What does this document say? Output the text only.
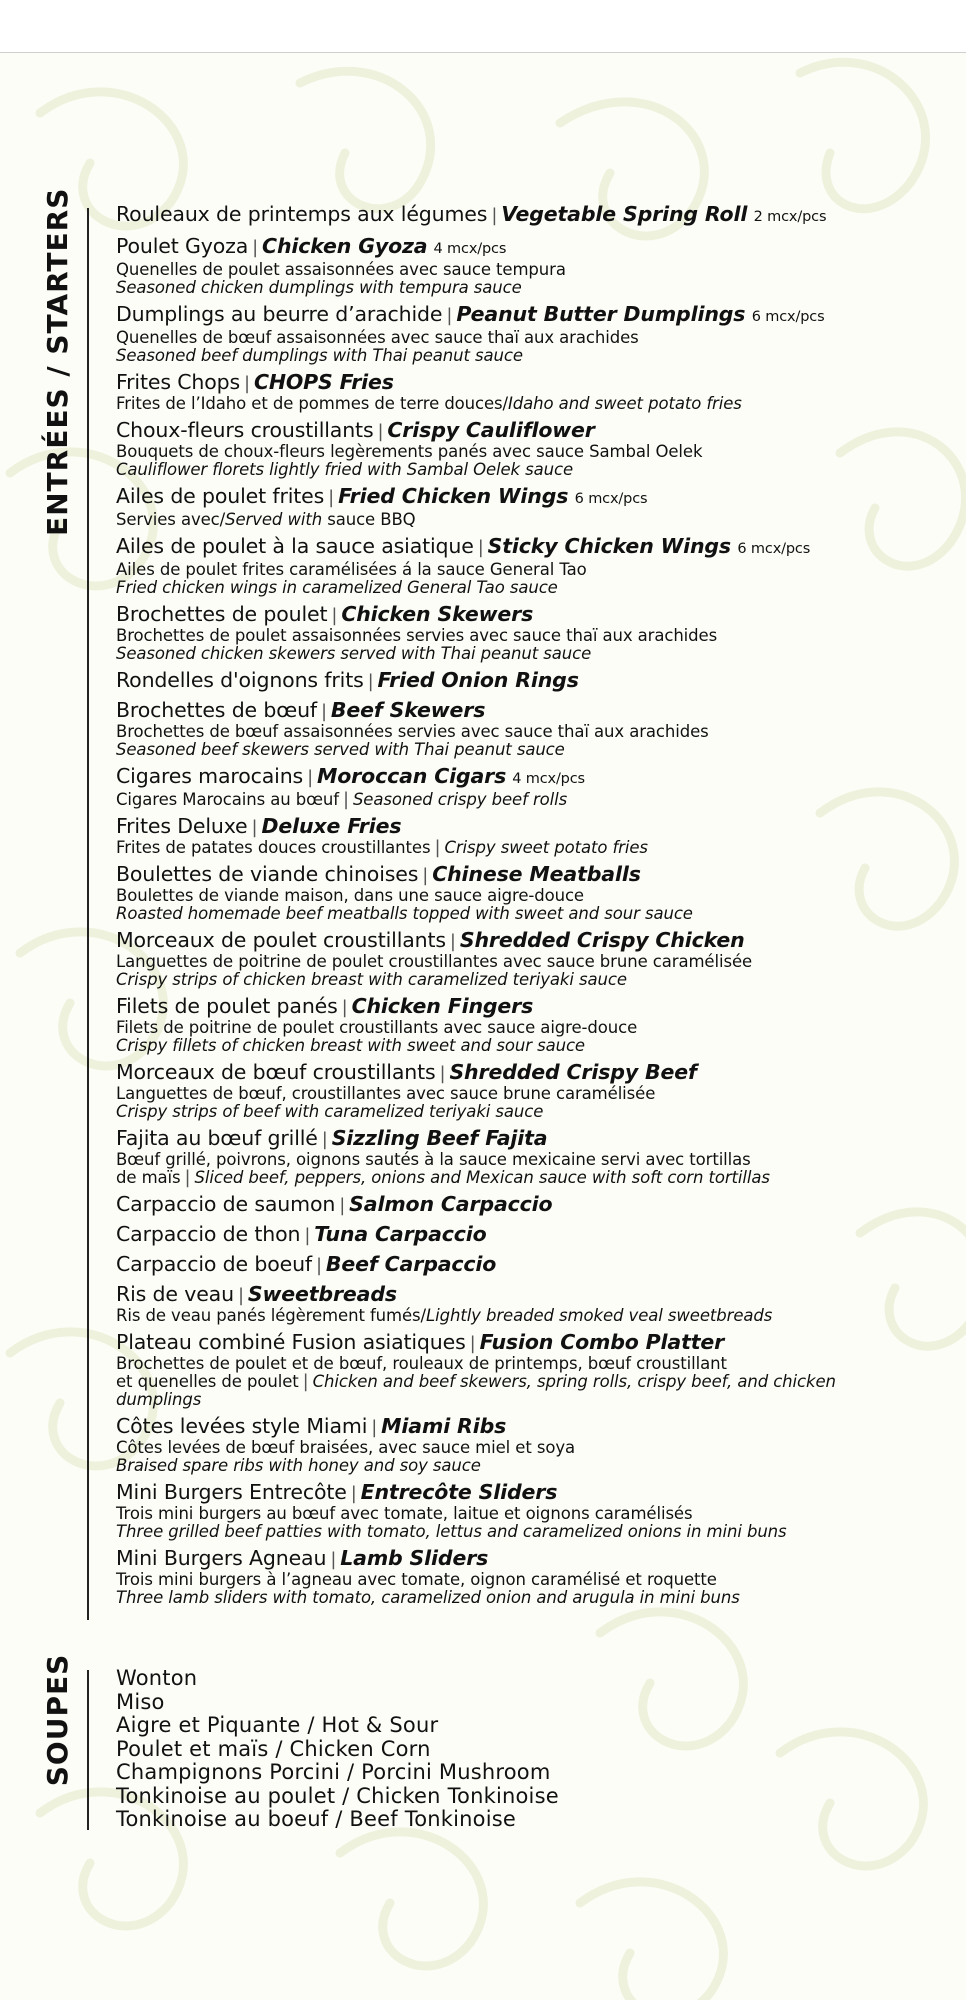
ENTRÉES / STARTERS Rouleaux de printemps aux légumes | Vegetable Spring Roll 2 mcx/pcs
Poulet Gyoza | Chicken Gyoza 4 mcx/pcs
Quenelles de poulet assaisonnées avec sauce tempura
Seasoned chicken dumplings with tempura sauce
Dumplings au beurre d’arachide | Peanut Butter Dumplings 6 mcx/pcs
Quenelles de bœuf assaisonnées avec sauce thaï aux arachides
Seasoned beef dumplings with Thai peanut sauce
Frites Chops | CHOPS Fries
Frites de l’Idaho et de pommes de terre douces/Idaho and sweet potato fries
Choux-fleurs croustillants | Crispy Cauliflower
Bouquets de choux-fleurs legèrements panés avec sauce Sambal Oelek
Cauliflower florets lightly fried with Sambal Oelek sauce
Ailes de poulet frites | Fried Chicken Wings 6 mcx/pcs
Servies avec/Served with sauce BBQ
Ailes de poulet à la sauce asiatique | Sticky Chicken Wings 6 mcx/pcs
Ailes de poulet frites caramélisées á la sauce General Tao
Fried chicken wings in caramelized General Tao sauce
Brochettes de poulet | Chicken Skewers
Brochettes de poulet assaisonnées servies avec sauce thaï aux arachides
Seasoned chicken skewers served with Thai peanut sauce
Rondelles d'oignons frits | Fried Onion Rings
Brochettes de bœuf | Beef Skewers
Brochettes de bœuf assaisonnées servies avec sauce thaï aux arachides
Seasoned beef skewers served with Thai peanut sauce
Cigares marocains | Moroccan Cigars 4 mcx/pcs
Cigares Marocains au bœuf | Seasoned crispy beef rolls
Frites Deluxe | Deluxe Fries
Frites de patates douces croustillantes | Crispy sweet potato fries
Boulettes de viande chinoises | Chinese Meatballs
Boulettes de viande maison, dans une sauce aigre-douce
Roasted homemade beef meatballs topped with sweet and sour sauce
Morceaux de poulet croustillants | Shredded Crispy Chicken
Languettes de poitrine de poulet croustillantes avec sauce brune caramélisée
Crispy strips of chicken breast with caramelized teriyaki sauce
Filets de poulet panés | Chicken Fingers
Filets de poitrine de poulet croustillants avec sauce aigre-douce
Crispy fillets of chicken breast with sweet and sour sauce
Morceaux de bœuf croustillants | Shredded Crispy Beef
Languettes de bœuf, croustillantes avec sauce brune caramélisée
Crispy strips of beef with caramelized teriyaki sauce
Fajita au bœuf grillé | Sizzling Beef Fajita
Bœuf grillé, poivrons, oignons sautés à la sauce mexicaine servi avec tortillas
de maïs | Sliced beef, peppers, onions and Mexican sauce with soft corn tortillas
Carpaccio de saumon | Salmon Carpaccio
Carpaccio de thon | Tuna Carpaccio
Carpaccio de boeuf | Beef Carpaccio
Ris de veau | Sweetbreads
Ris de veau panés légèrement fumés/Lightly breaded smoked veal sweetbreads
Plateau combiné Fusion asiatiques | Fusion Combo Platter
Brochettes de poulet et de bœuf, rouleaux de printemps, bœuf croustillant
et quenelles de poulet | Chicken and beef skewers, spring rolls, crispy beef, and chicken dumplings
Côtes levées style Miami | Miami Ribs
Côtes levées de bœuf braisées, avec sauce miel et soya
Braised spare ribs with honey and soy sauce
Mini Burgers Entrecôte | Entrecôte Sliders
Trois mini burgers au bœuf avec tomate, laitue et oignons caramélisés
Three grilled beef patties with tomato, lettus and caramelized onions in mini buns
Mini Burgers Agneau | Lamb Sliders
Trois mini burgers à l’agneau avec tomate, oignon caramélisé et roquette
Three lamb sliders with tomato, caramelized onion and arugula in mini buns
SOUPES Wonton
Miso
Aigre et Piquante / Hot & Sour
Poulet et maïs / Chicken Corn
Champignons Porcini / Porcini Mushroom
Tonkinoise au poulet / Chicken Tonkinoise
Tonkinoise au boeuf / Beef Tonkinoise
